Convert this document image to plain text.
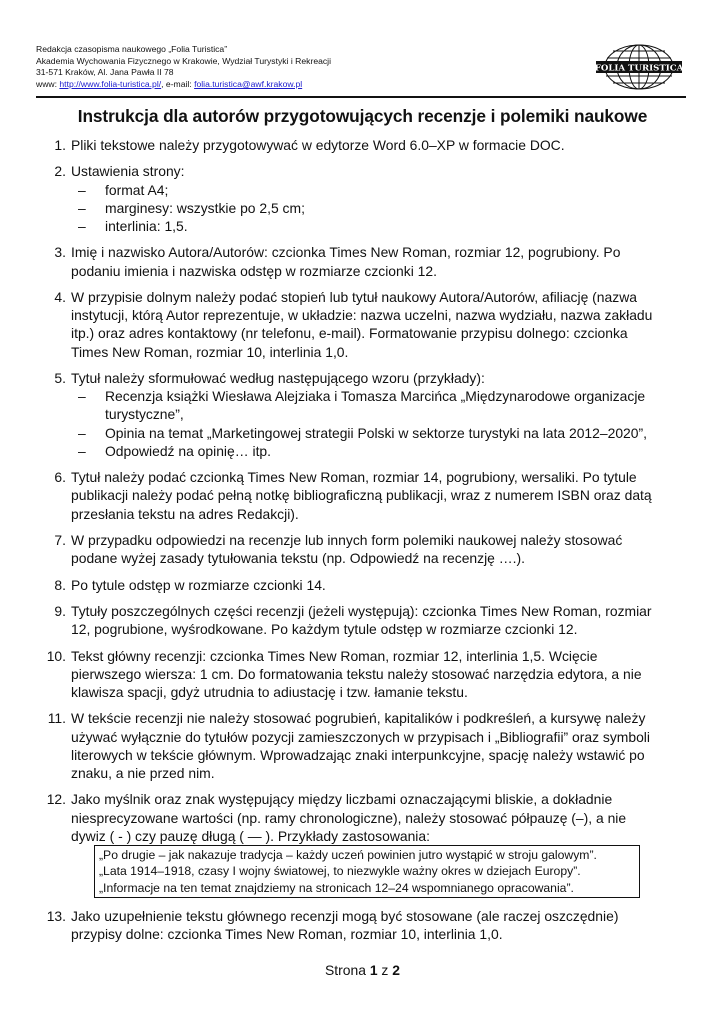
Redakcja czasopisma naukowego „Folia Turistica”
Akademia Wychowania Fizycznego w Krakowie, Wydział Turystyki i Rekreacji
31-571 Kraków, Al. Jana Pawła II 78
www: http://www.folia-turistica.pl/, e-mail: folia.turistica@awf.krakow.pl
FOLIA TURISTICA
Instrukcja dla autorów przygotowujących recenzje i polemiki naukowe
1. Pliki tekstowe należy przygotowywać w edytorze Word 6.0–XP w formacie DOC.
2. Ustawienia strony:
– format A4;
– marginesy: wszystkie po 2,5 cm;
– interlinia: 1,5.
3. Imię i nazwisko Autora/Autorów: czcionka Times New Roman, rozmiar 12, pogrubiony. Po podaniu imienia i nazwiska odstęp w rozmiarze czcionki 12.
4. W przypisie dolnym należy podać stopień lub tytuł naukowy Autora/Autorów, afiliację (nazwa instytucji, którą Autor reprezentuje, w układzie: nazwa uczelni, nazwa wydziału, nazwa zakładu itp.) oraz adres kontaktowy (nr telefonu, e-mail). Formatowanie przypisu dolnego: czcionka Times New Roman, rozmiar 10, interlinia 1,0.
5. Tytuł należy sformułować według następującego wzoru (przykłady):
– Recenzja książki Wiesława Alejziaka i Tomasza Marcińca „Międzynarodowe organizacje turystyczne”,
– Opinia na temat „Marketingowej strategii Polski w sektorze turystyki na lata 2012–2020”,
– Odpowiedź na opinię… itp.
6. Tytuł należy podać czcionką Times New Roman, rozmiar 14, pogrubiony, wersaliki. Po tytule publikacji należy podać pełną notkę bibliograficzną publikacji, wraz z numerem ISBN oraz datą przesłania tekstu na adres Redakcji).
7. W przypadku odpowiedzi na recenzje lub innych form polemiki naukowej należy stosować podane wyżej zasady tytułowania tekstu (np. Odpowiedź na recenzję ….).
8. Po tytule odstęp w rozmiarze czcionki 14.
9. Tytuły poszczególnych części recenzji (jeżeli występują): czcionka Times New Roman, rozmiar 12, pogrubione, wyśrodkowane. Po każdym tytule odstęp w rozmiarze czcionki 12.
10. Tekst główny recenzji: czcionka Times New Roman, rozmiar 12, interlinia 1,5. Wcięcie pierwszego wiersza: 1 cm. Do formatowania tekstu należy stosować narzędzia edytora, a nie klawisza spacji, gdyż utrudnia to adiustację i tzw. łamanie tekstu.
11. W tekście recenzji nie należy stosować pogrubień, kapitalików i podkreśleń, a kursywę należy używać wyłącznie do tytułów pozycji zamieszczonych w przypisach i „Bibliografii” oraz symboli literowych w tekście głównym. Wprowadzając znaki interpunkcyjne, spację należy wstawić po znaku, a nie przed nim.
12. Jako myślnik oraz znak występujący między liczbami oznaczającymi bliskie, a dokładnie niesprecyzowane wartości (np. ramy chronologiczne), należy stosować półpauzę (–), a nie dywiz ( - ) czy pauzę długą ( — ). Przykłady zastosowania:
„Po drugie – jak nakazuje tradycja – każdy uczeń powinien jutro wystąpić w stroju galowym”.
„Lata 1914–1918, czasy I wojny światowej, to niezwykle ważny okres w dziejach Europy”.
„Informacje na ten temat znajdziemy na stronicach 12–24 wspomnianego opracowania”.
13. Jako uzupełnienie tekstu głównego recenzji mogą być stosowane (ale raczej oszczędnie) przypisy dolne: czcionka Times New Roman, rozmiar 10, interlinia 1,0.
Strona 1 z 2
